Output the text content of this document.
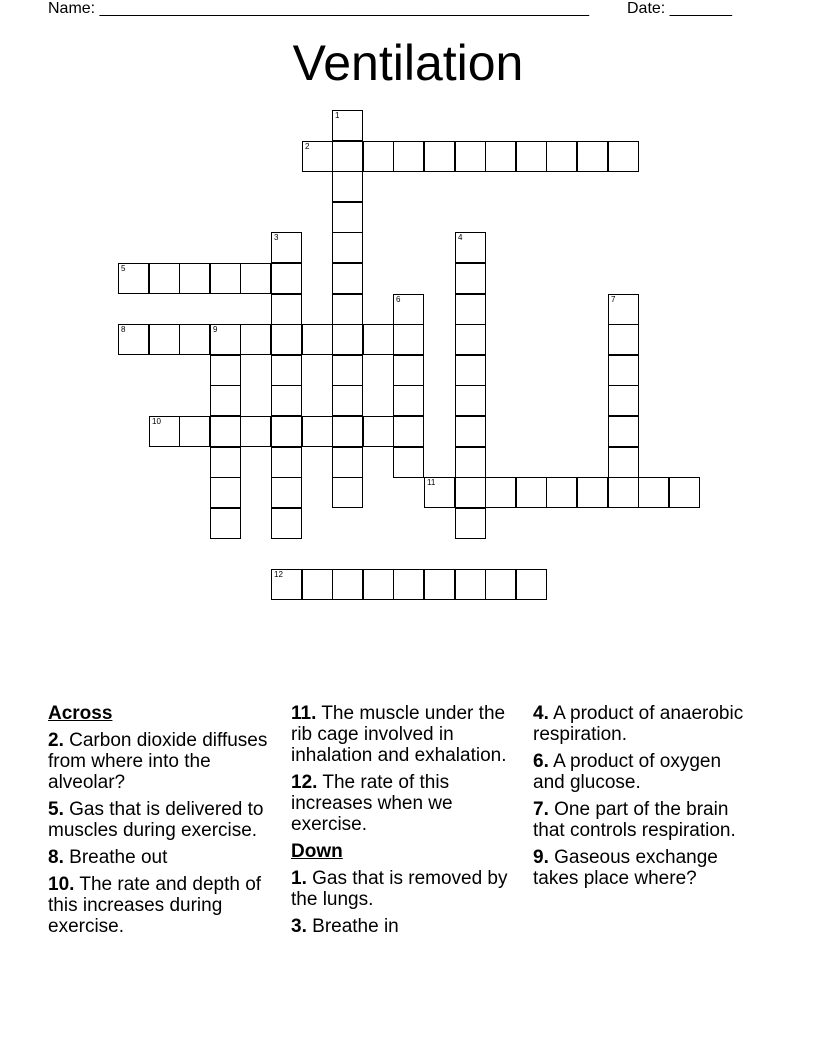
Name: _______________________________________________________ Date: _______
Ventilation
1
2
3	4
5
6	7
8	9
10
11
12
Across
2. Carbon dioxide diffuses from where into the alveolar?
5. Gas that is delivered to muscles during exercise.
8. Breathe out
10. The rate and depth of this increases during exercise.
11. The muscle under the rib cage involved in inhalation and exhalation.
12. The rate of this increases when we exercise.
Down
1. Gas that is removed by the lungs.
3. Breathe in
4. A product of anaerobic respiration.
6. A product of oxygen and glucose.
7. One part of the brain that controls respiration.
9. Gaseous exchange takes place where?
